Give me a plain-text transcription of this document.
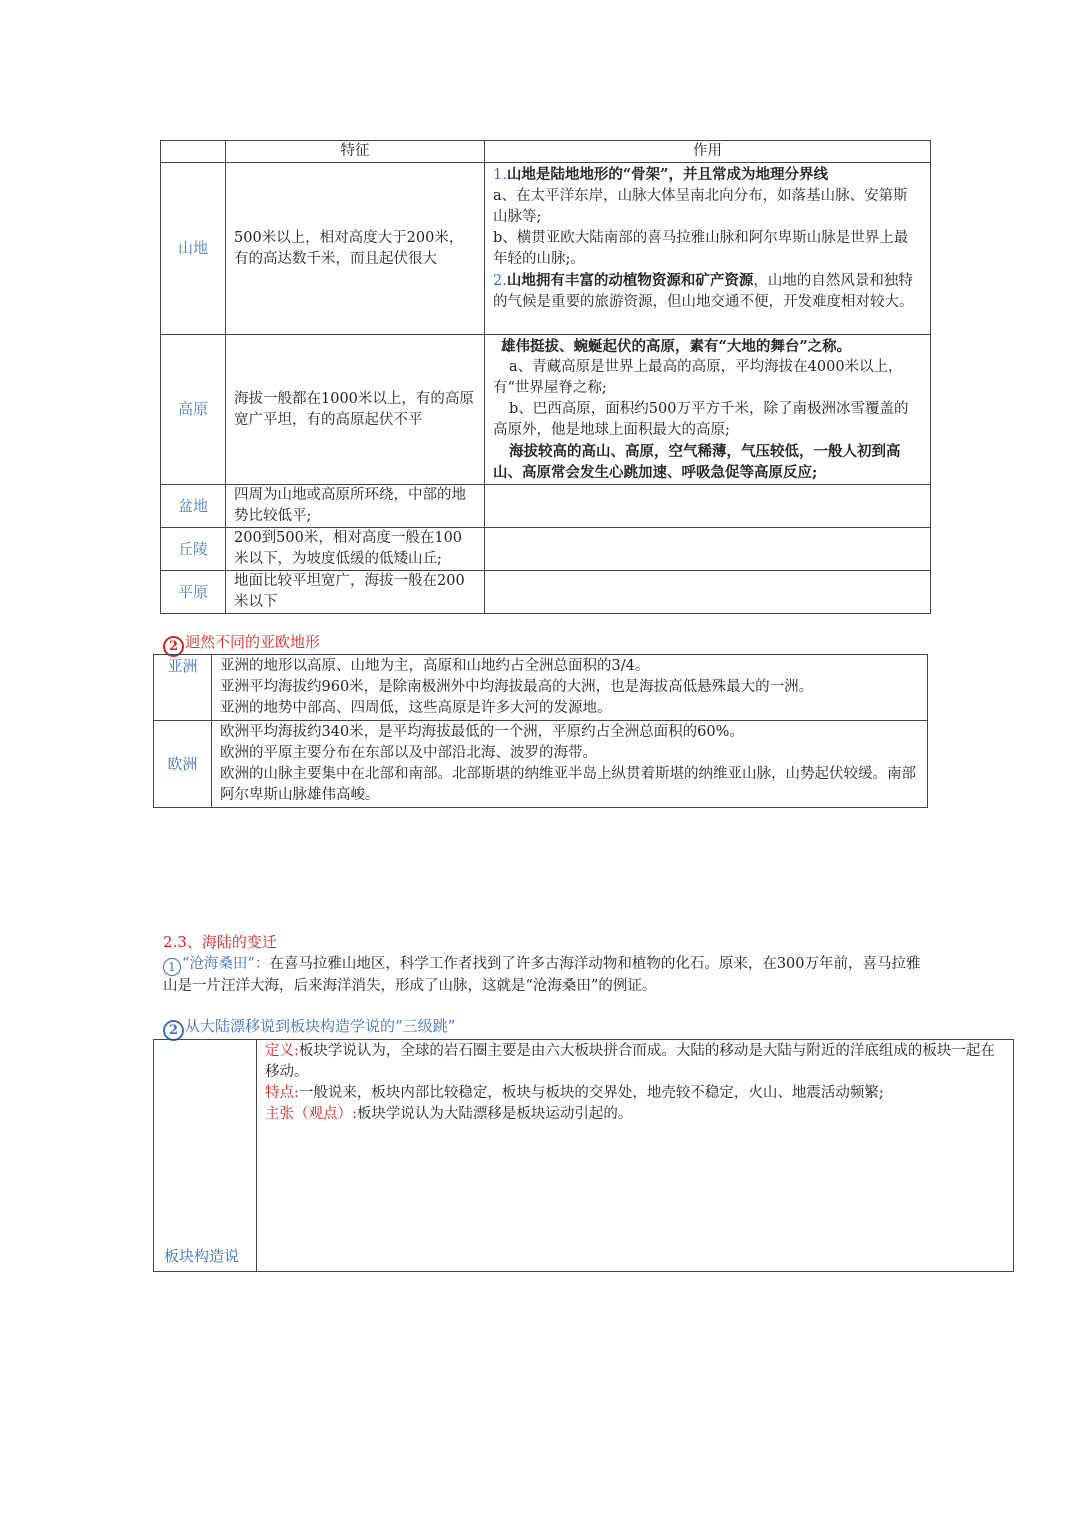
	特征	作用
山地	500米以上，相对高度大于200米，有的高达数千米，而且起伏很大	1.山地是陆地地形的“骨架”，并且常成为地理分界线
a、在太平洋东岸，山脉大体呈南北向分布，如落基山脉、安第斯山脉等;
b、横贯亚欧大陆南部的喜马拉雅山脉和阿尔卑斯山脉是世界上最年轻的山脉;。
2.山地拥有丰富的动植物资源和矿产资源，山地的自然风景和独特的气候是重要的旅游资源，但山地交通不便，开发难度相对较大。

高原	海拔一般都在1000米以上，有的高原宽广平坦，有的高原起伏不平	雄伟挺拔、蜿蜒起伏的高原，素有“大地的舞台”之称。
a、青藏高原是世界上最高的高原，平均海拔在4000米以上，有“世界屋脊之称;
b、巴西高原，面积约500万平方千米，除了南极洲冰雪覆盖的高原外，他是地球上面积最大的高原;
海拔较高的高山、高原，空气稀薄，气压较低，一般人初到高山、高原常会发生心跳加速、呼吸急促等高原反应;

盆地	四周为山地或高原所环绕，中部的地势比较低平;	
丘陵	200到500米，相对高度一般在100米以下，为坡度低缓的低矮山丘;	
平原	地面比较平坦宽广，海拔一般在200米以下	
2 迥然不同的亚欧地形
亚洲	亚洲的地形以高原、山地为主，高原和山地约占全洲总面积的3/4。
亚洲平均海拔约960米，是除南极洲外中均海拔最高的大洲，也是海拔高低悬殊最大的一洲。
亚洲的地势中部高、四周低，这些高原是许多大河的发源地。

欧洲	欧洲平均海拔约340米，是平均海拔最低的一个洲，平原约占全洲总面积的60%。
欧洲的平原主要分布在东部以及中部沿北海、波罗的海带。
欧洲的山脉主要集中在北部和南部。北部斯堪的纳维亚半岛上纵贯着斯堪的纳维亚山脉，山势起伏较缓。南部阿尔卑斯山脉雄伟高峻。
2.3、海陆的变迁
1 “沧海桑田”：在喜马拉雅山地区，科学工作者找到了许多古海洋动物和植物的化石。原来，在300万年前，喜马拉雅山是一片汪洋大海，后来海洋消失，形成了山脉，这就是“沧海桑田”的例证。
2 从大陆漂移说到板块构造学说的“三级跳”
板块构造说	
定义:板块学说认为，全球的岩石圈主要是由六大板块拼合而成。大陆的移动是大陆与附近的洋底组成的板块一起在移动。
特点:一般说来，板块内部比较稳定，板块与板块的交界处，地壳较不稳定，火山、地震活动频繁;
主张（观点）:板块学说认为大陆漂移是板块运动引起的。
